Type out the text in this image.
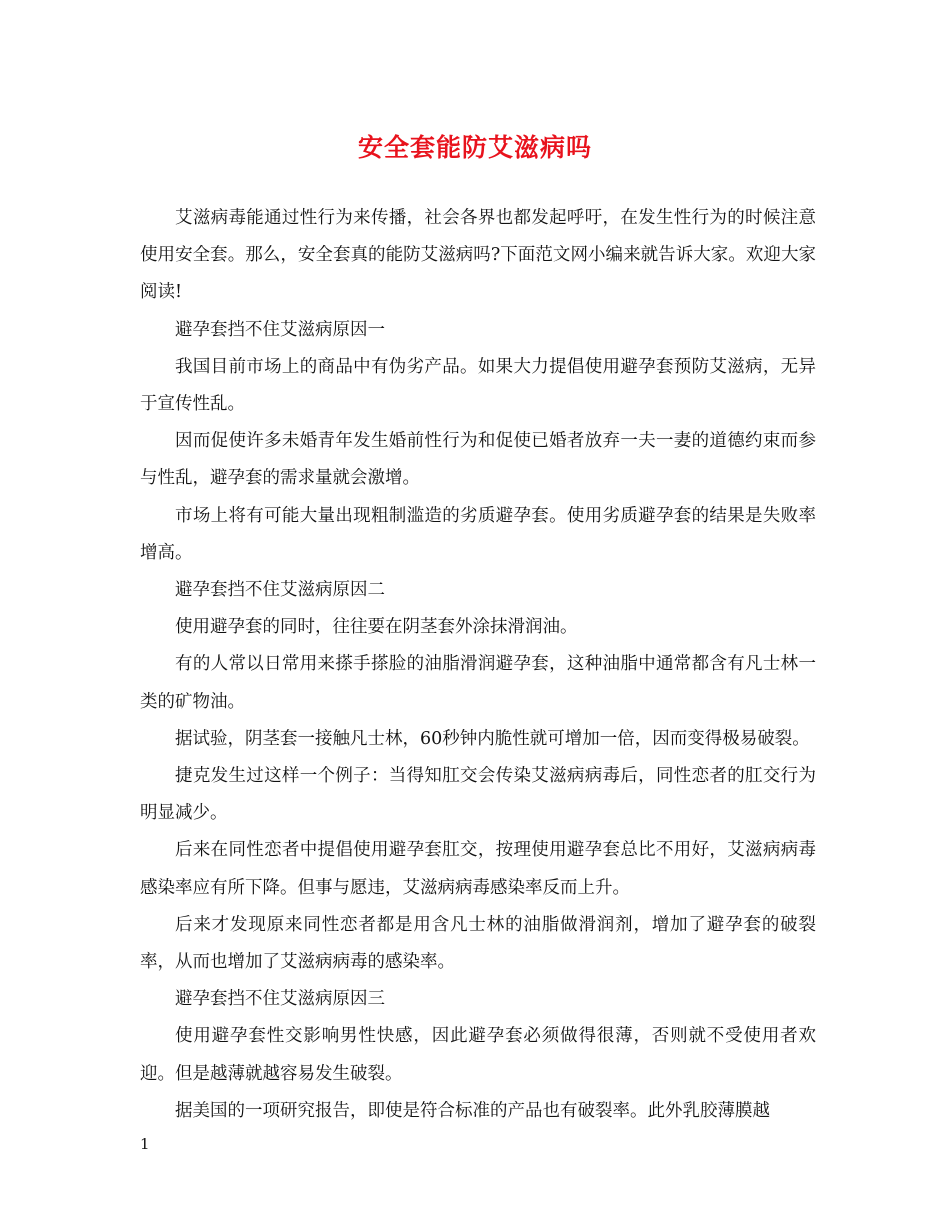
安全套能防艾滋病吗

艾滋病毒能通过性行为来传播，社会各界也都发起呼吁，在发生性行为的时候注意使用安全套。那么，安全套真的能防艾滋病吗?下面范文网小编来就告诉大家。欢迎大家阅读!

避孕套挡不住艾滋病原因一

我国目前市场上的商品中有伪劣产品。如果大力提倡使用避孕套预防艾滋病，无异于宣传性乱。

因而促使许多未婚青年发生婚前性行为和促使已婚者放弃一夫一妻的道德约束而参与性乱，避孕套的需求量就会激增。

市场上将有可能大量出现粗制滥造的劣质避孕套。使用劣质避孕套的结果是失败率增高。

避孕套挡不住艾滋病原因二

使用避孕套的同时，往往要在阴茎套外涂抹滑润油。

有的人常以日常用来搽手搽脸的油脂滑润避孕套，这种油脂中通常都含有凡士林一类的矿物油。

据试验，阴茎套一接触凡士林，60秒钟内脆性就可增加一倍，因而变得极易破裂。

捷克发生过这样一个例子：当得知肛交会传染艾滋病病毒后，同性恋者的肛交行为明显减少。

后来在同性恋者中提倡使用避孕套肛交，按理使用避孕套总比不用好，艾滋病病毒感染率应有所下降。但事与愿违，艾滋病病毒感染率反而上升。

后来才发现原来同性恋者都是用含凡士林的油脂做滑润剂，增加了避孕套的破裂率，从而也增加了艾滋病病毒的感染率。

避孕套挡不住艾滋病原因三

使用避孕套性交影响男性快感，因此避孕套必须做得很薄，否则就不受使用者欢迎。但是越薄就越容易发生破裂。

据美国的一项研究报告，即使是符合标准的产品也有破裂率。此外乳胶薄膜越

1
